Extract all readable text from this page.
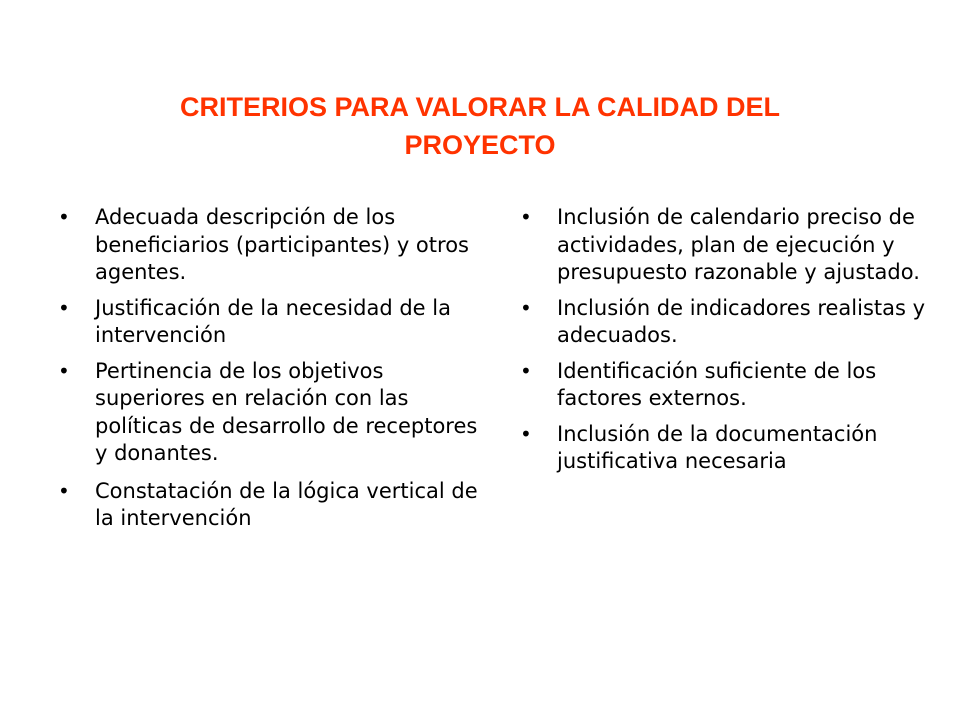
CRITERIOS PARA VALORAR LA CALIDAD DEL
PROYECTO
•	Adecuada descripción de los beneficiarios (participantes) y otros agentes.
•	Justificación de la necesidad de la intervención
•	Pertinencia de los objetivos superiores en relación con las políticas de desarrollo de receptores y donantes.
•	Constatación de la lógica vertical de la intervención
•	Inclusión de calendario preciso de actividades, plan de ejecución y presupuesto razonable y ajustado.
•	Inclusión de indicadores realistas y adecuados.
•	Identificación suficiente de los factores externos.
•	Inclusión de la documentación justificativa necesaria
